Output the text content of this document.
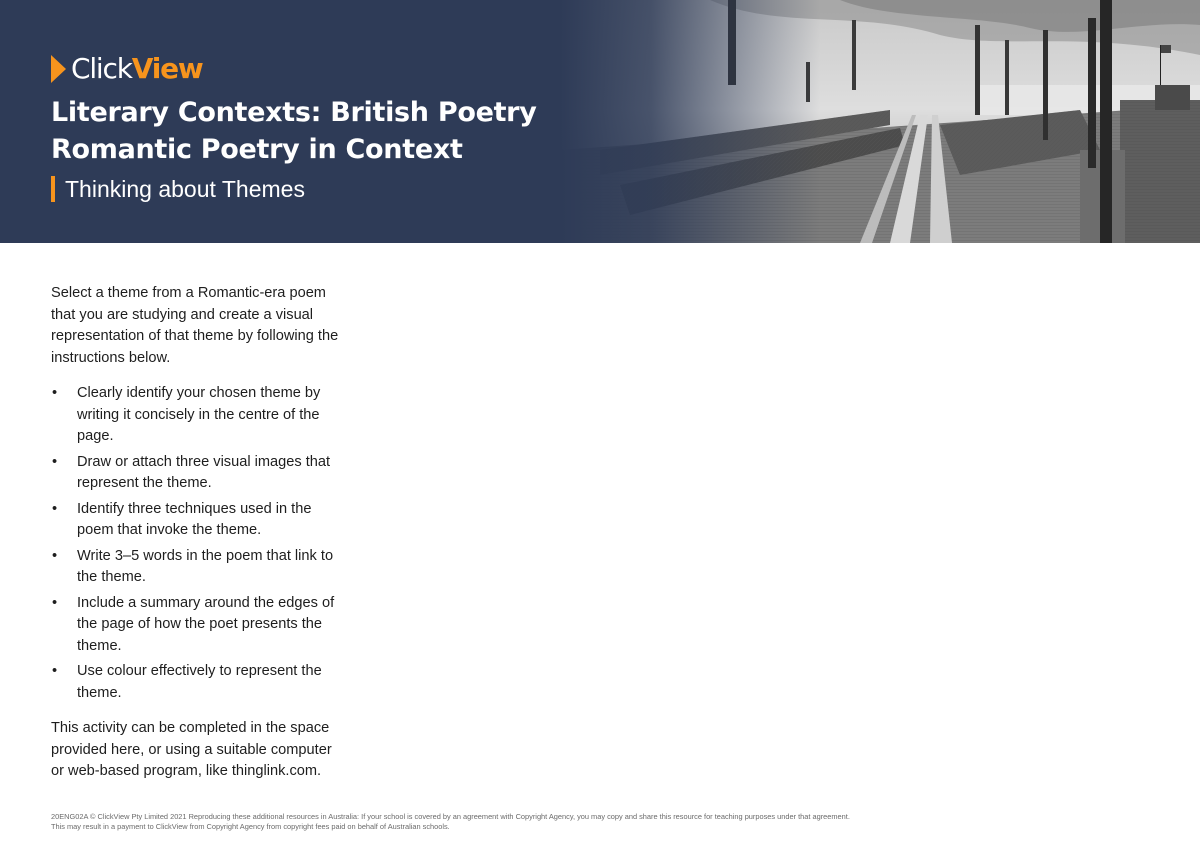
ClickView
Literary Contexts: British Poetry
Romantic Poetry in Context
Thinking about Themes

Select a theme from a Romantic-era poem that you are studying and create a visual representation of that theme by following the instructions below.

• Clearly identify your chosen theme by writing it concisely in the centre of the page.
• Draw or attach three visual images that represent the theme.
• Identify three techniques used in the poem that invoke the theme.
• Write 3–5 words in the poem that link to the theme.
• Include a summary around the edges of the page of how the poet presents the theme.
• Use colour effectively to represent the theme.

This activity can be completed in the space provided here, or using a suitable computer or web-based program, like thinglink.com.

20ENG02A © ClickView Pty Limited 2021 Reproducing these additional resources in Australia: If your school is covered by an agreement with Copyright Agency, you may copy and share this resource for teaching purposes under that agreement.

This may result in a payment to ClickView from Copyright Agency from copyright fees paid on behalf of Australian schools.
